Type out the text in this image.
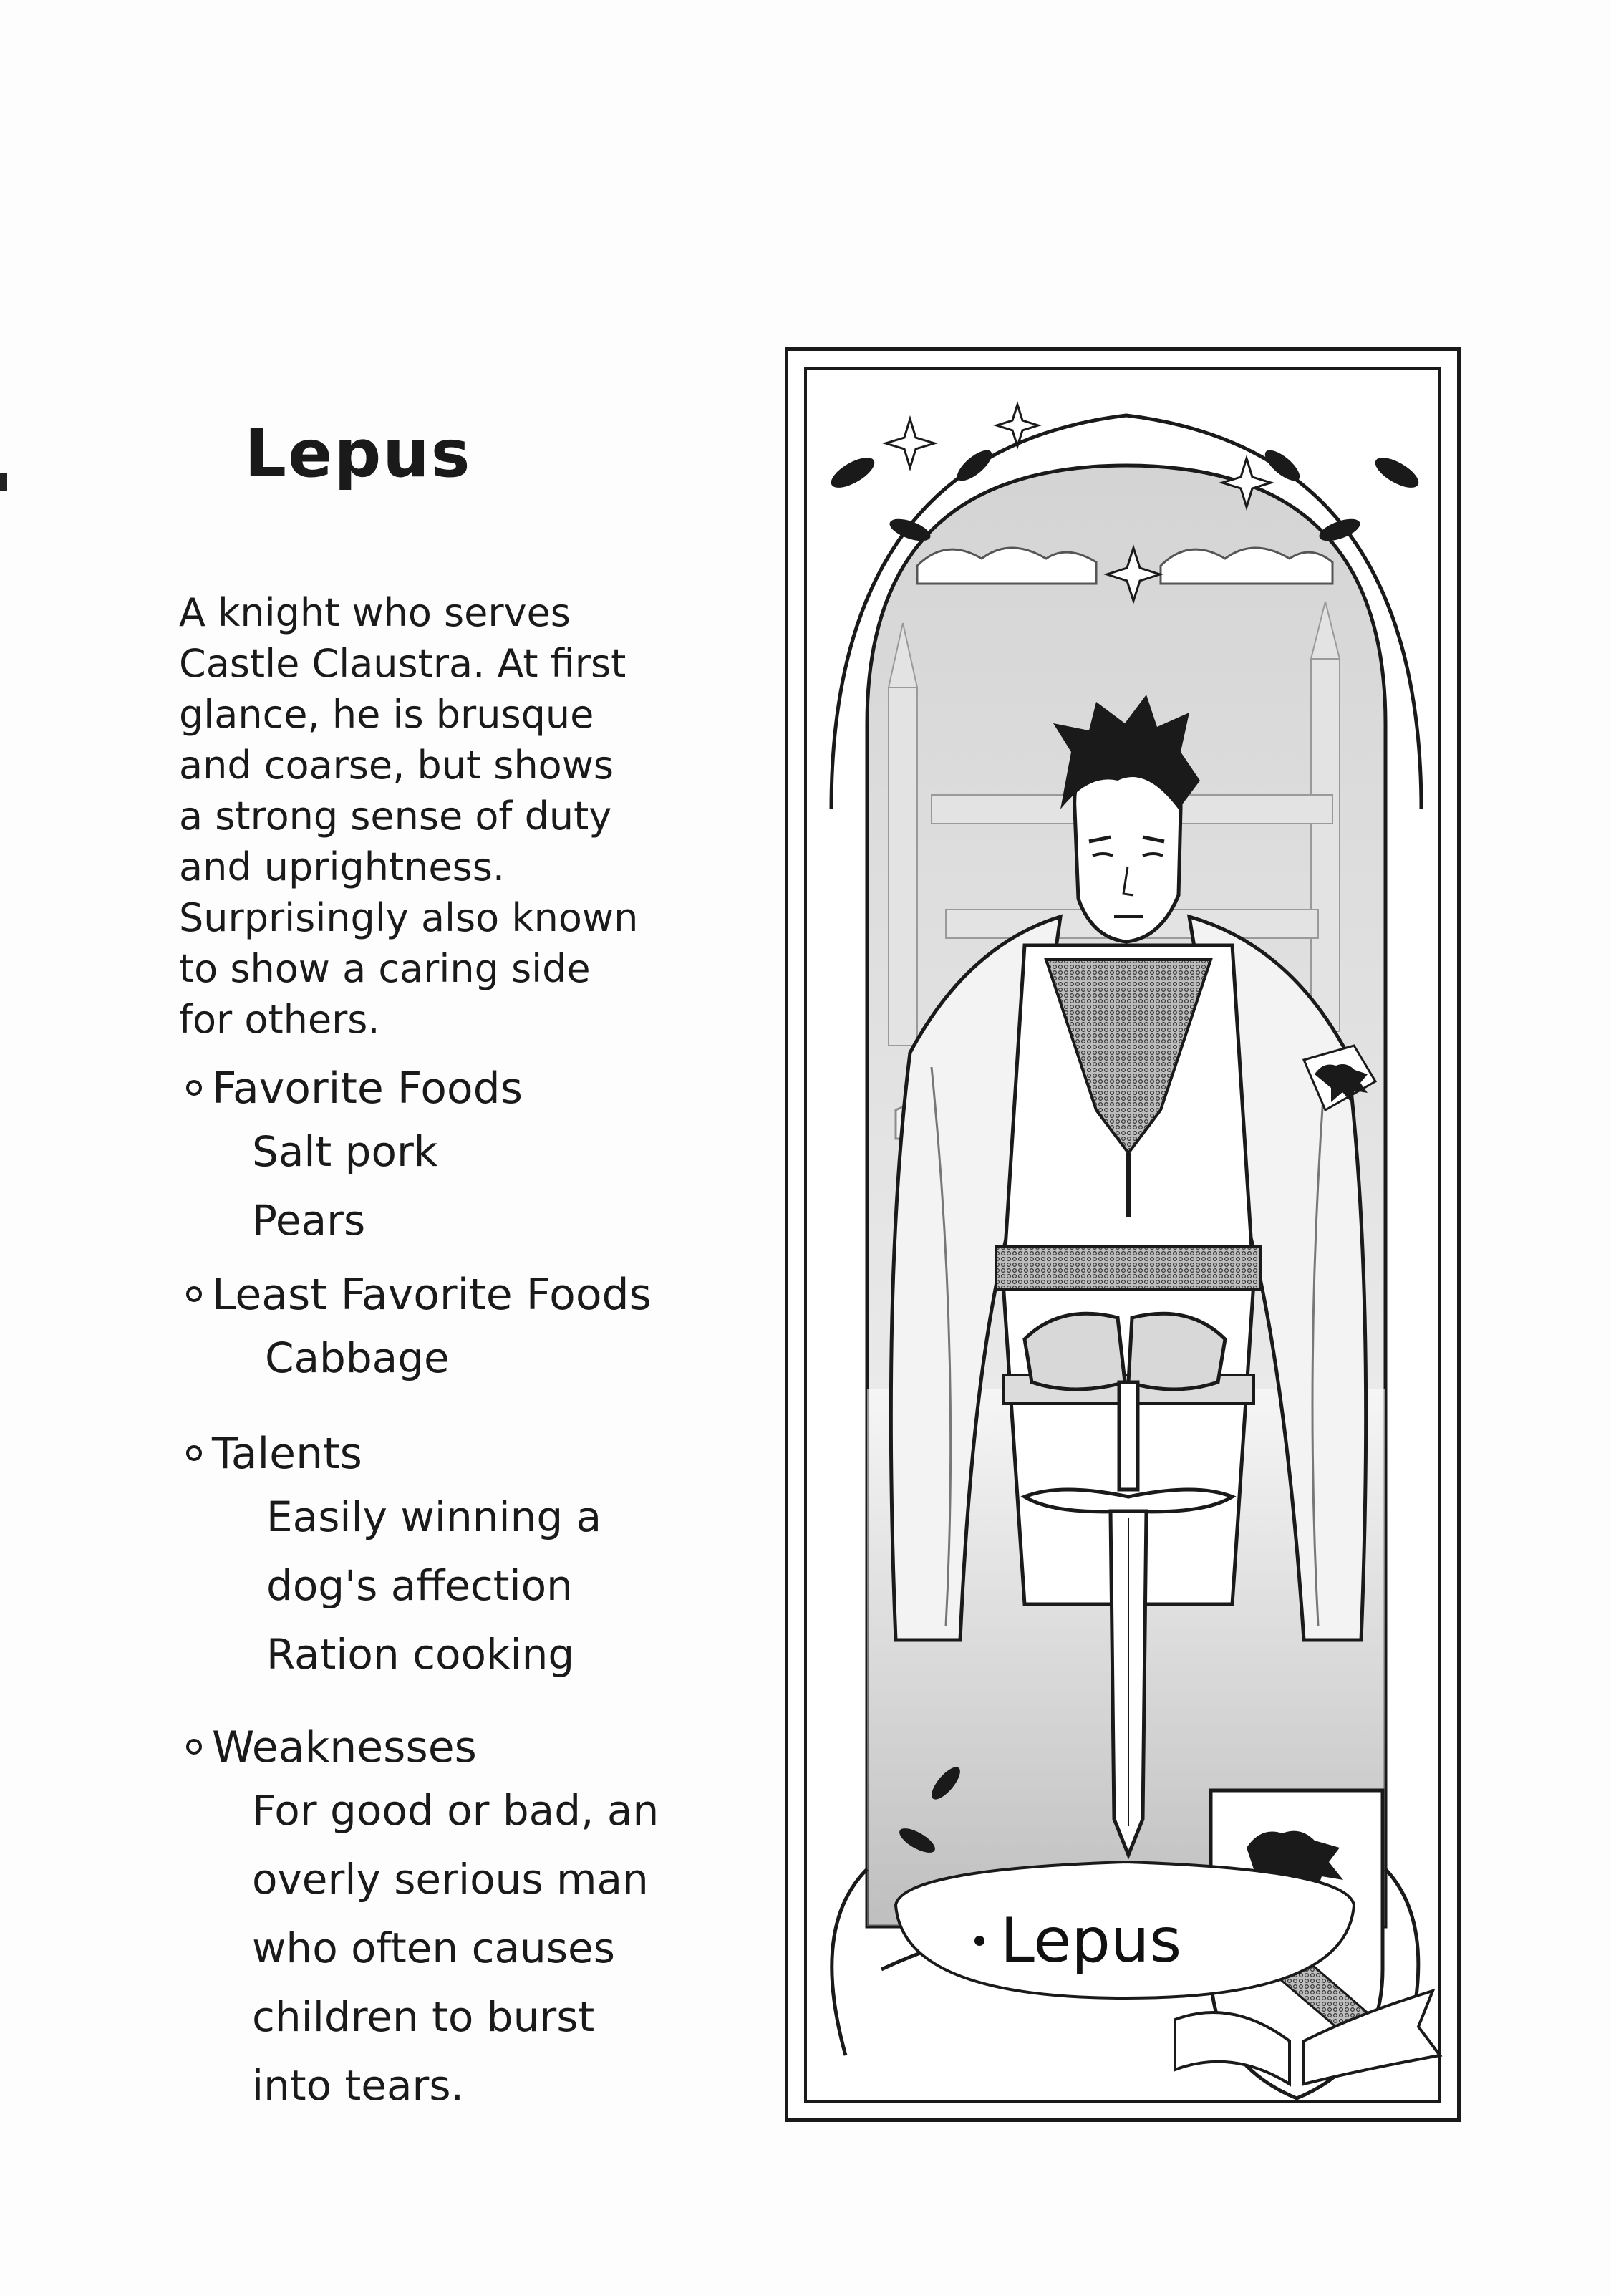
Lepus
A knight who serves
Castle Claustra. At first
glance, he is brusque
and coarse, but shows
a strong sense of duty
and uprightness.
Surprisingly also known
to show a caring side
for others.
Favorite Foods
Salt pork
Pears
Least Favorite Foods
Cabbage
Talents
Easily winning a
dog's affection
Ration cooking
Weaknesses
For good or bad, an
overly serious man
who often causes
children to burst
into tears.
Lepus
